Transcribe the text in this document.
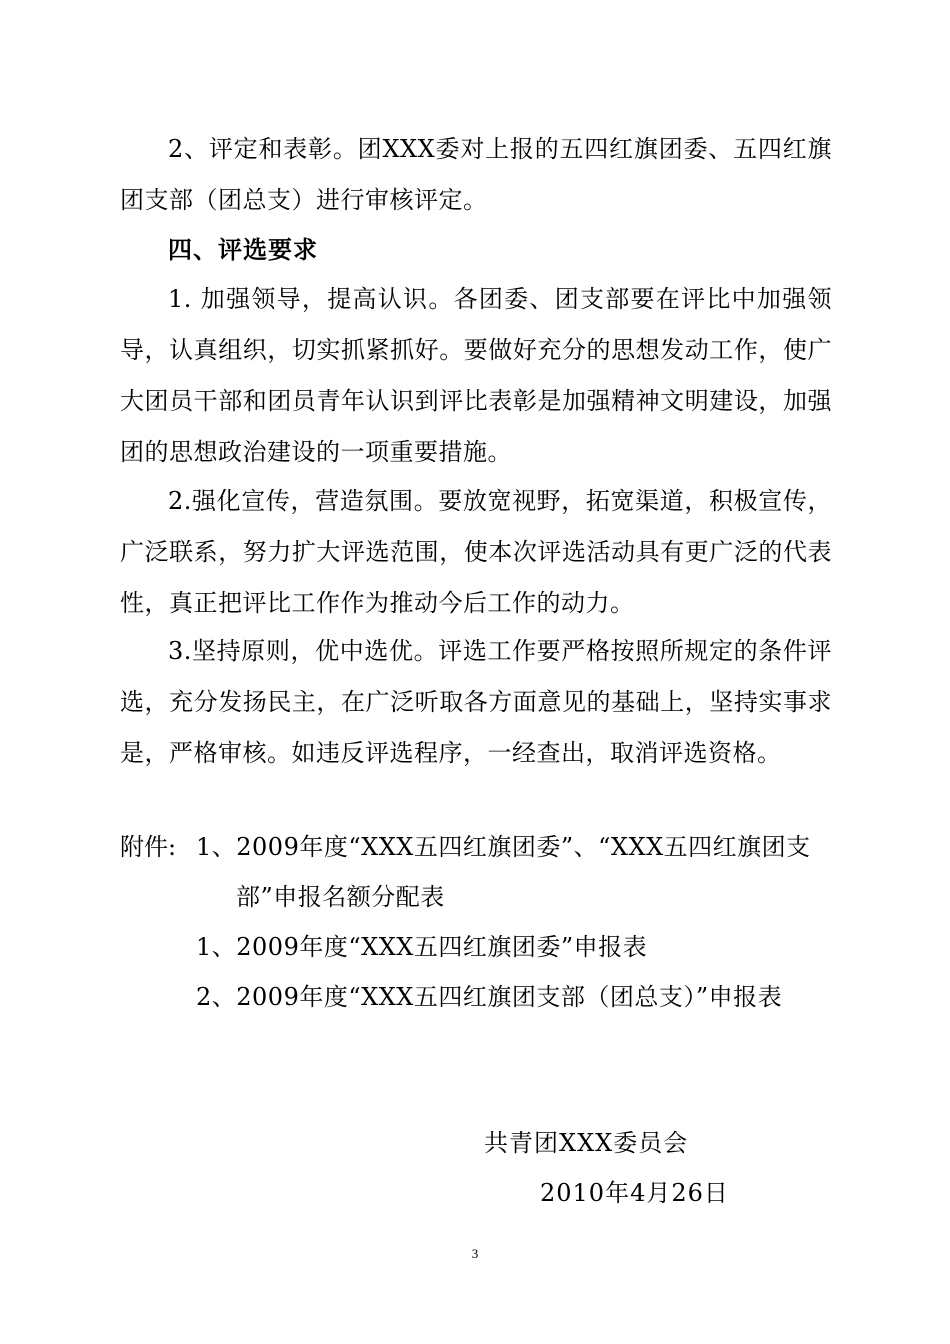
2、评定和表彰。团XXX委对上报的五四红旗团委、五四红旗团支部（团总支）进行审核评定。

四、评选要求

1. 加强领导，提高认识。各团委、团支部要在评比中加强领导，认真组织，切实抓紧抓好。要做好充分的思想发动工作，使广大团员干部和团员青年认识到评比表彰是加强精神文明建设，加强团的思想政治建设的一项重要措施。

2.强化宣传，营造氛围。要放宽视野，拓宽渠道，积极宣传，广泛联系，努力扩大评选范围，使本次评选活动具有更广泛的代表性，真正把评比工作作为推动今后工作的动力。

3.坚持原则，优中选优。评选工作要严格按照所规定的条件评选，充分发扬民主，在广泛听取各方面意见的基础上，坚持实事求是，严格审核。如违反评选程序，一经查出，取消评选资格。

附件: 1、2009年度“XXX五四红旗团委”、“XXX五四红旗团支

部”申报名额分配表

1、2009年度“XXX五四红旗团委”申报表

2、2009年度“XXX五四红旗团支部（团总支）”申报表

共青团XXX委员会

2010年4月26日

3
